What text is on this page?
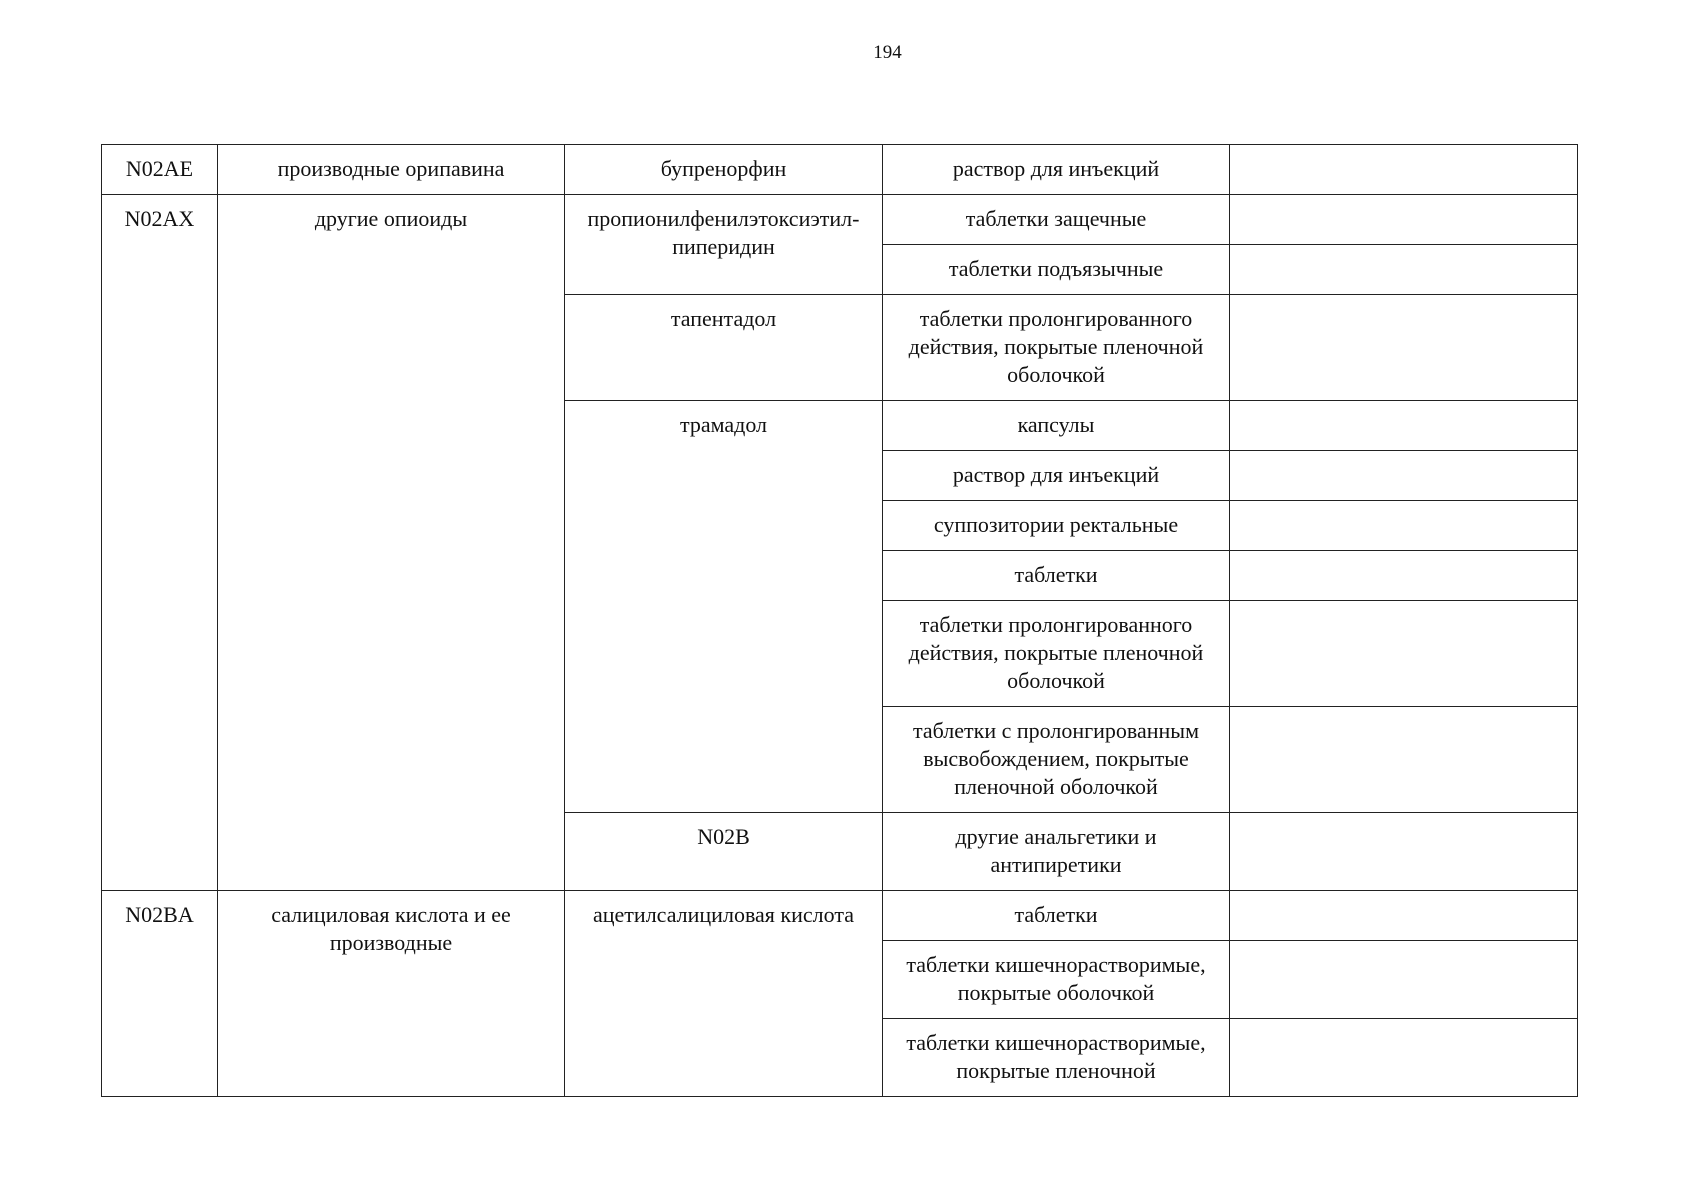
194
N02AE	производные орипавина	бупренорфин	раствор для инъекций		
N02AX	другие опиоиды	пропионилфенилэтоксиэтилпиперидин	таблетки защечные		
			таблетки подъязычные		
		тапентадол	таблетки пролонгированного действия, покрытые пленочной оболочкой		
		трамадол	капсулы		
			раствор для инъекций		
			суппозитории ректальные		
			таблетки		
			таблетки пролонгированного действия, покрытые пленочной оболочкой		
			таблетки с пролонгированным высвобождением, покрытые пленочной оболочкой		
		N02B	другие анальгетики и антипиретики			
N02BA	салициловая кислота и ее производные	ацетилсалициловая кислота	таблетки		
			таблетки кишечнорастворимые, покрытые оболочкой		
			таблетки кишечнорастворимые, покрытые пленочной		
